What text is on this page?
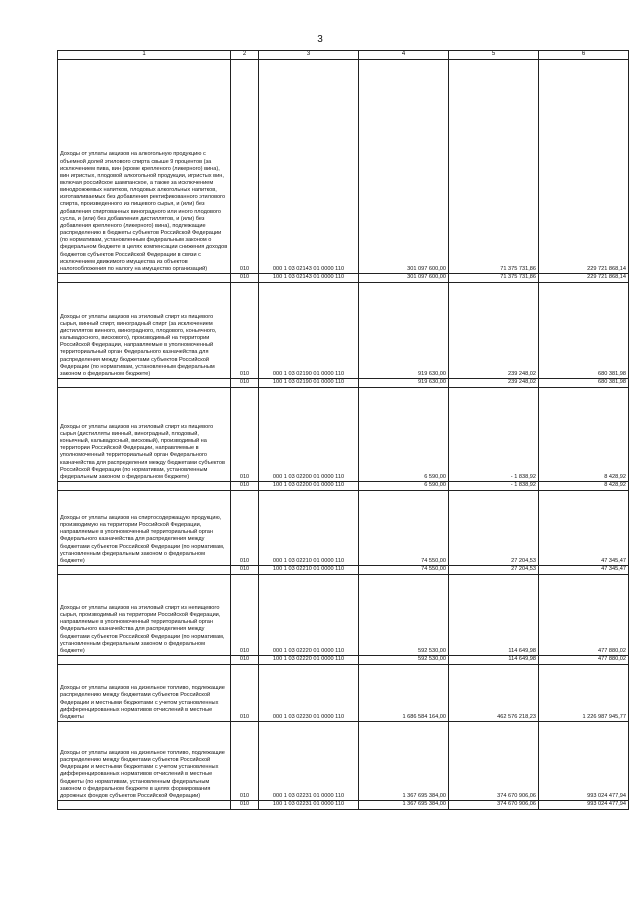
3
1	2	3	4	5	6
Доходы от уплаты акцизов на алкогольную продукцию с объемной долей этилового спирта свыше 9 процентов (за исключением пива, вин (кроме крепленого (ликерного) вина), вин игристых, плодовой алкогольной продукции, игристых вин, включая российское шампанское, а также за исключением винодрожжевых напитков, плодовых алкогольных напитков, изготавливаемых без добавления ректификованного этилового спирта, произведенного из пищевого сырья, и (или) без добавления спиртованных виноградного или иного плодового сусла, и (или) без добавления дистиллятов, и (или) без добавления крепленого (ликерного) вина), подлежащие распределению в бюджеты субъектов Российской Федерации (по нормативам, установленным федеральным законом о федеральном бюджете в целях компенсации снижения доходов бюджетов субъектов Российской Федерации в связи с исключением движимого имущества из объектов налогообложения по налогу на имущество организаций)	010	000 1 03 02143 01 0000 110	301 097 600,00	71 375 731,86	229 721 868,14
	010	100 1 03 02143 01 0000 110	301 097 600,00	71 375 731,86	229 721 868,14
Доходы от уплаты акцизов на этиловый спирт из пищевого сырья, винный спирт, виноградный спирт (за исключением дистиллятов винного, виноградного, плодового, коньячного, кальвадосного, вискового), производимый на территории Российской Федерации, направляемые в уполномоченный территориальный орган Федерального казначейства для распределения между бюджетами субъектов Российской Федерации (по нормативам, установленным федеральным законом о федеральном бюджете)	010	000 1 03 02190 01 0000 110	919 630,00	239 248,02	680 381,98
	010	100 1 03 02190 01 0000 110	919 630,00	239 248,02	680 381,98
Доходы от уплаты акцизов на этиловый спирт из пищевого сырья (дистилляты винный, виноградный, плодовый, коньячный, кальвадосный, висковый), производимый на территории Российской Федерации, направляемые в уполномоченный территориальный орган Федерального казначейства для распределения между бюджетами субъектов Российской Федерации (по нормативам, установленным федеральным законом о федеральном бюджете)	010	000 1 03 02200 01 0000 110	6 590,00	- 1 838,92	8 428,92
	010	100 1 03 02200 01 0000 110	6 590,00	- 1 838,92	8 428,92
Доходы от уплаты акцизов на спиртосодержащую продукцию, производимую на территории Российской Федерации, направляемые в уполномоченный территориальный орган Федерального казначейства для распределения между бюджетами субъектов Российской Федерации (по нормативам, установленным федеральным законом о федеральном бюджете)	010	000 1 03 02210 01 0000 110	74 550,00	27 204,53	47 345,47
	010	100 1 03 02210 01 0000 110	74 550,00	27 204,53	47 345,47
Доходы от уплаты акцизов на этиловый спирт из непищевого сырья, производимый на территории Российской Федерации, направляемые в уполномоченный территориальный орган Федерального казначейства для распределения между бюджетами субъектов Российской Федерации (по нормативам, установленным федеральным законом о федеральном бюджете)	010	000 1 03 02220 01 0000 110	592 530,00	114 649,98	477 880,02
	010	100 1 03 02220 01 0000 110	592 530,00	114 649,98	477 880,02
Доходы от уплаты акцизов на дизельное топливо, подлежащие распределению между бюджетами субъектов Российской Федерации и местными бюджетами с учетом установленных дифференцированных нормативов отчислений в местные бюджеты	010	000 1 03 02230 01 0000 110	1 686 584 164,00	462 576 218,23	1 226 987 945,77
Доходы от уплаты акцизов на дизельное топливо, подлежащие распределению между бюджетами субъектов Российской Федерации и местными бюджетами с учетом установленных дифференцированных нормативов отчислений в местные бюджеты (по нормативам, установленным федеральным законом о федеральном бюджете в целях формирования дорожных фондов субъектов Российской Федерации)	010	000 1 03 02231 01 0000 110	1 367 695 384,00	374 670 906,06	993 024 477,94
	010	100 1 03 02231 01 0000 110	1 367 695 384,00	374 670 906,06	993 024 477,94
